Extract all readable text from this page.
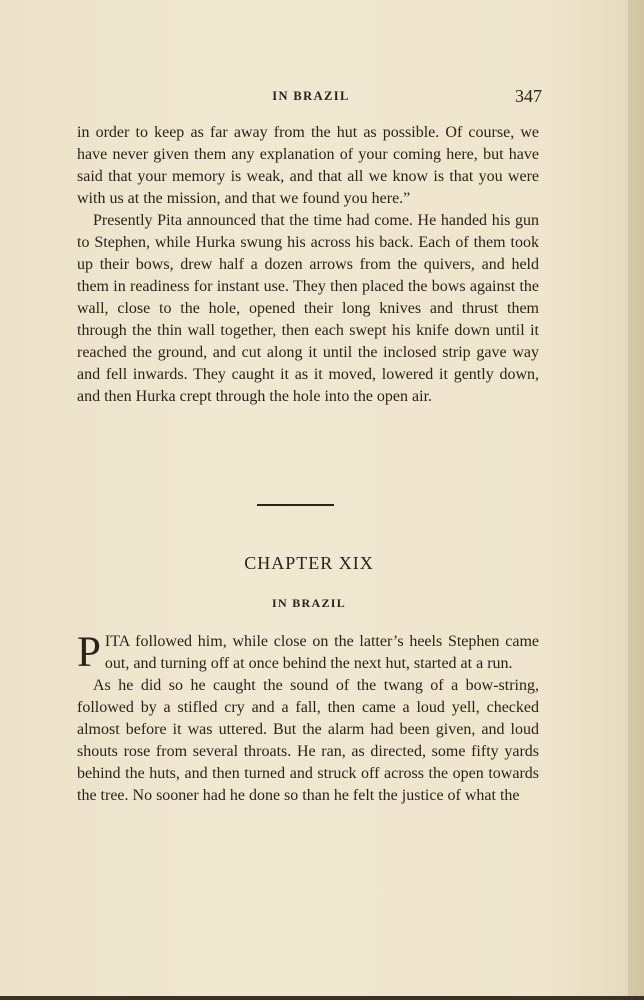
IN BRAZIL	347

in order to keep as far away from the hut as possible. Of course, we have never given them any explanation of your coming here, but have said that your memory is weak, and that all we know is that you were with us at the mission, and that we found you here.”

Presently Pita announced that the time had come. He handed his gun to Stephen, while Hurka swung his across his back. Each of them took up their bows, drew half a dozen arrows from the quivers, and held them in readiness for instant use. They then placed the bows against the wall, close to the hole, opened their long knives and thrust them through the thin wall together, then each swept his knife down until it reached the ground, and cut along it until the inclosed strip gave way and fell inwards. They caught it as it moved, lowered it gently down, and then Hurka crept through the hole into the open air.

CHAPTER XIX
IN BRAZIL

PITA followed him, while close on the latter’s heels Stephen came out, and turning off at once behind the next hut, started at a run.

As he did so he caught the sound of the twang of a bow-string, followed by a stifled cry and a fall, then came a loud yell, checked almost before it was uttered. But the alarm had been given, and loud shouts rose from several throats. He ran, as directed, some fifty yards behind the huts, and then turned and struck off across the open towards the tree. No sooner had he done so than he felt the justice of what the
